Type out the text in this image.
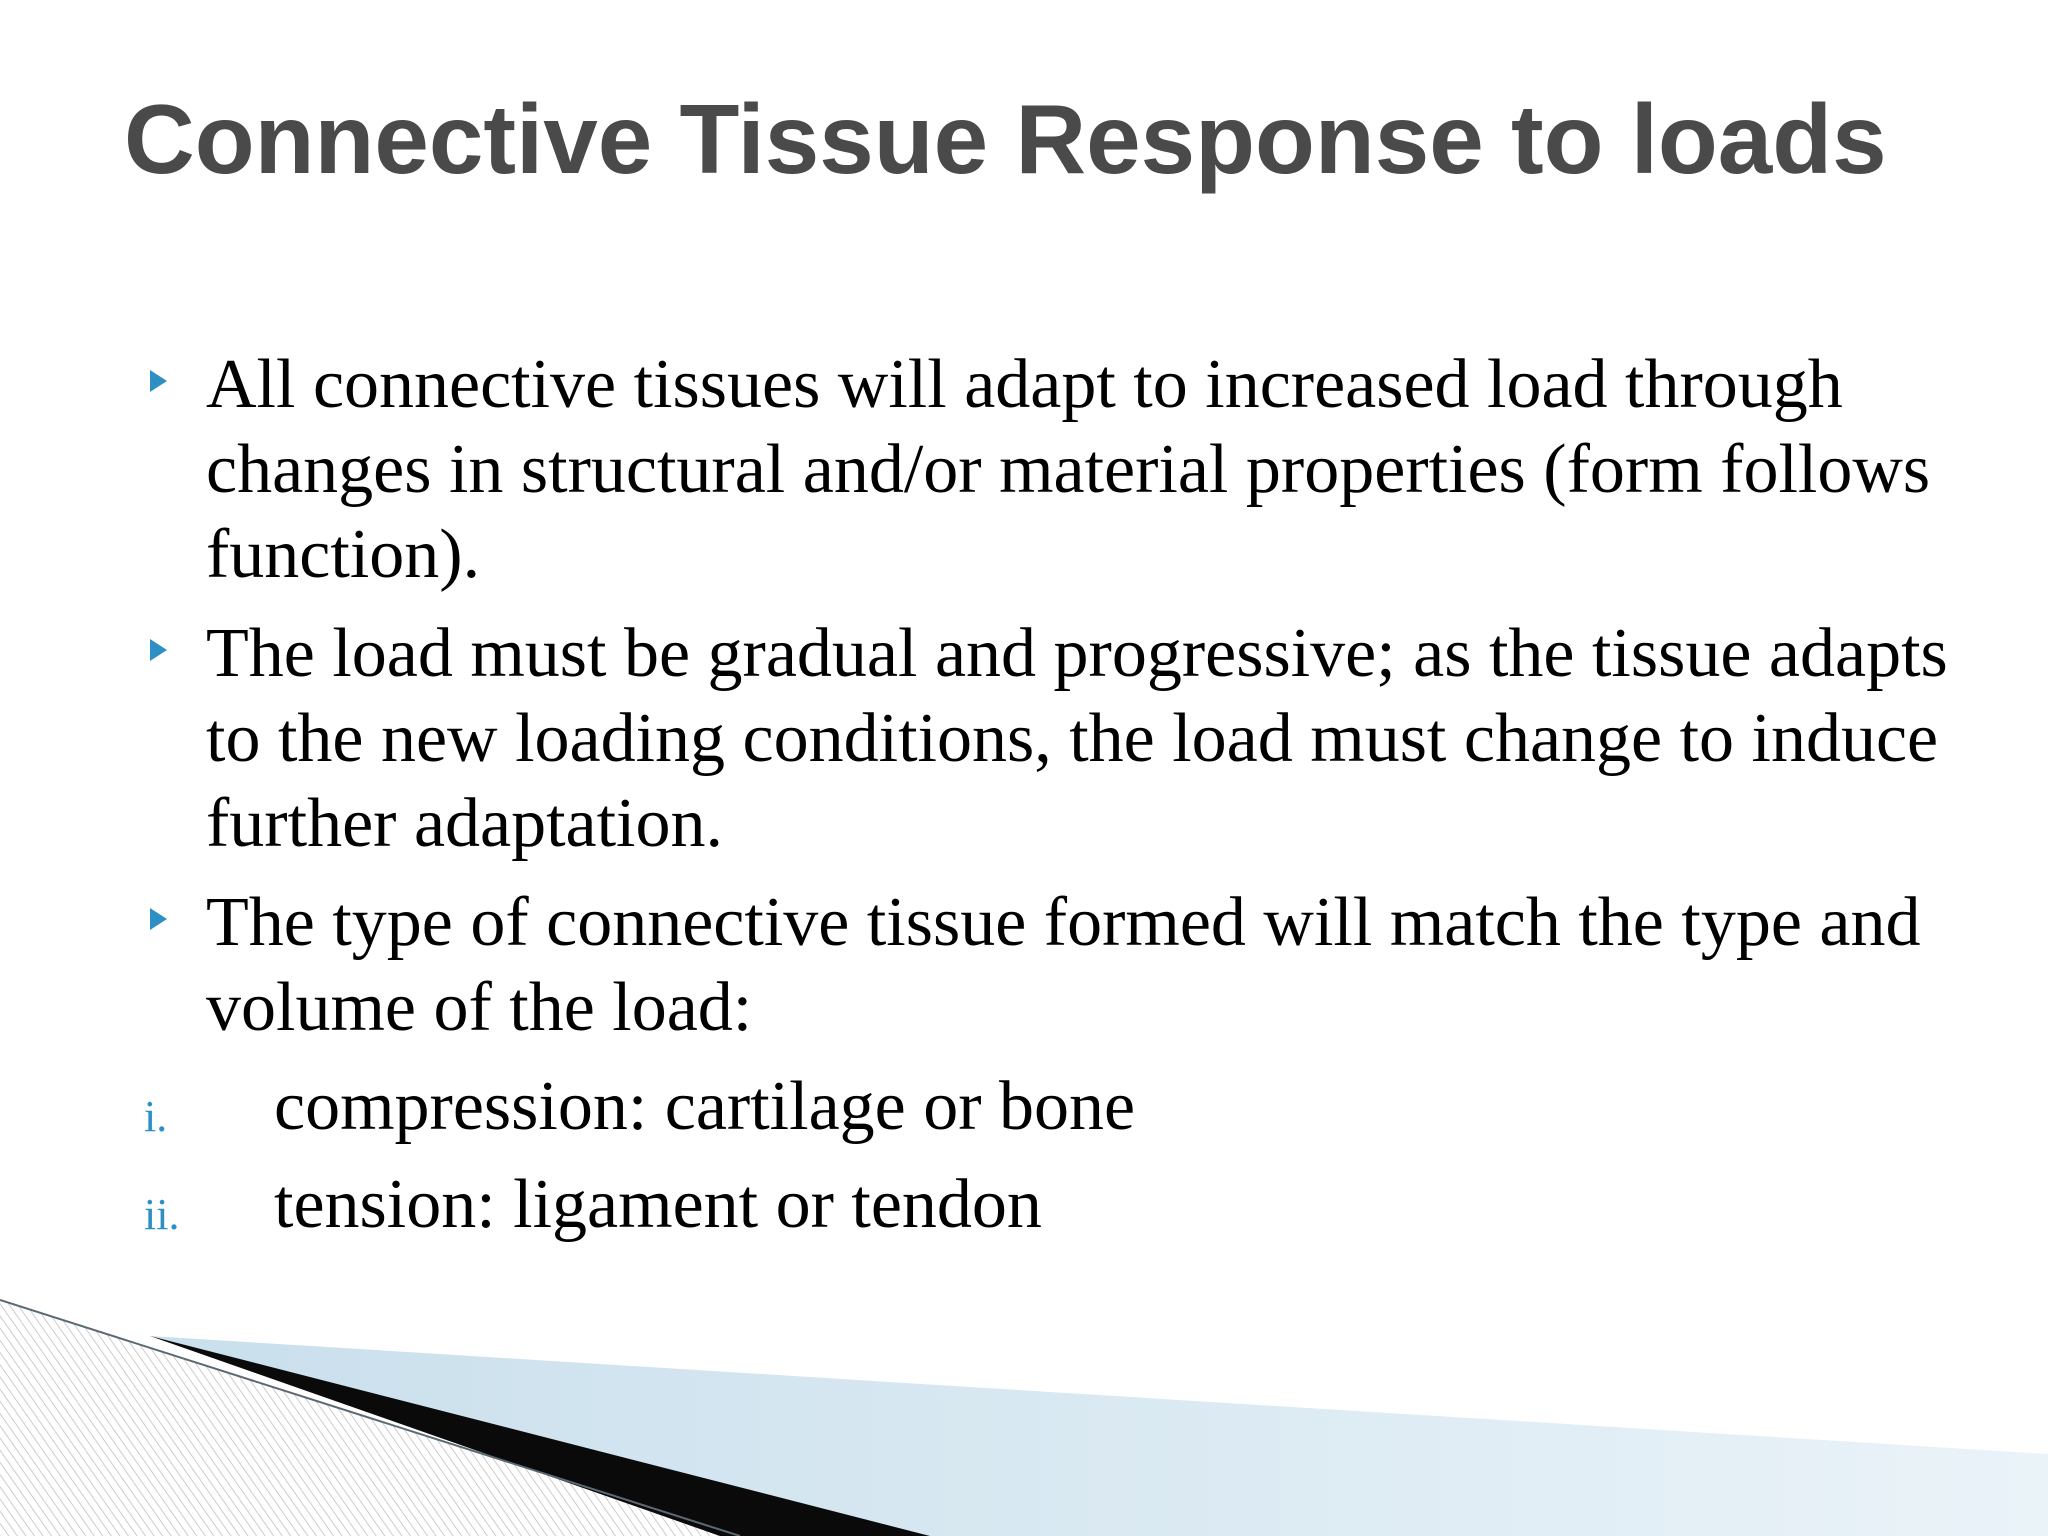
Connective Tissue Response to loads
All connective tissues will adapt to increased load through changes in structural and/or material properties (form follows function).
The load must be gradual and progressive; as the tissue adapts to the new loading conditions, the load must change to induce further adaptation.
The type of connective tissue formed will match the type and volume of the load:
i. compression: cartilage or bone
ii. tension: ligament or tendon
